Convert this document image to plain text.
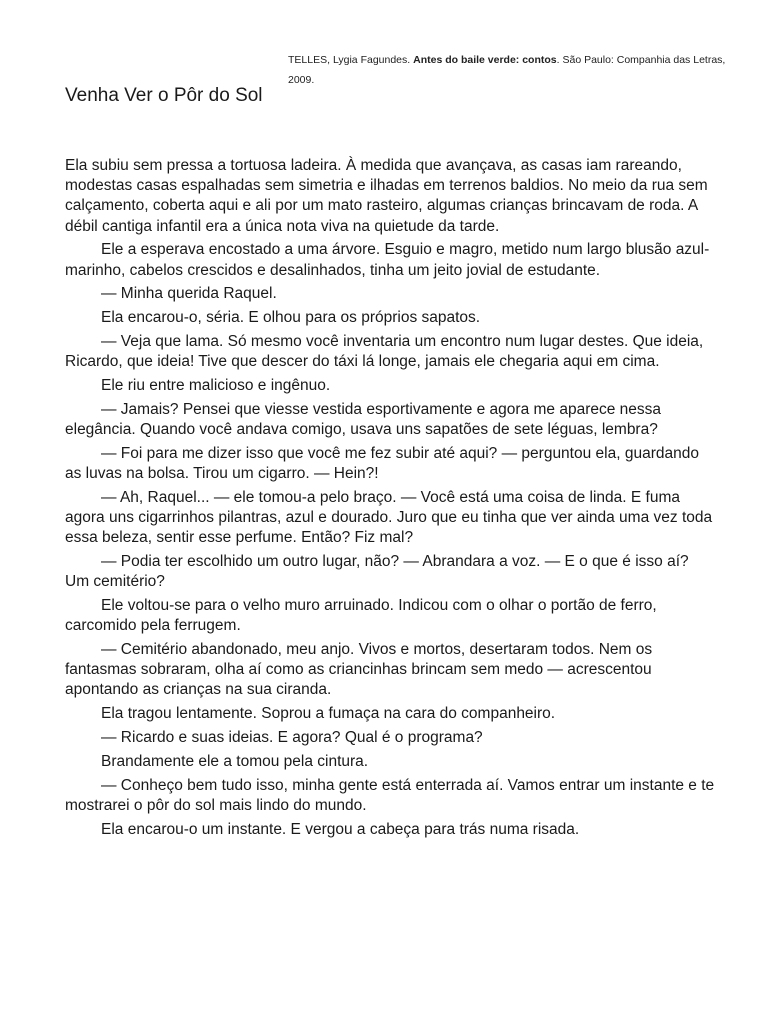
TELLES, Lygia Fagundes. Antes do baile verde: contos. São Paulo: Companhia das Letras, 2009.

Venha Ver o Pôr do Sol

Ela subiu sem pressa a tortuosa ladeira. À medida que avançava, as casas iam rareando, modestas casas espalhadas sem simetria e ilhadas em terrenos baldios. No meio da rua sem calçamento, coberta aqui e ali por um mato rasteiro, algumas crianças brincavam de roda. A débil cantiga infantil era a única nota viva na quietude da tarde.

Ele a esperava encostado a uma árvore. Esguio e magro, metido num largo blusão azul-marinho, cabelos crescidos e desalinhados, tinha um jeito jovial de estudante.

— Minha querida Raquel.

Ela encarou-o, séria. E olhou para os próprios sapatos.

— Veja que lama. Só mesmo você inventaria um encontro num lugar destes. Que ideia, Ricardo, que ideia! Tive que descer do táxi lá longe, jamais ele chegaria aqui em cima.

Ele riu entre malicioso e ingênuo.

— Jamais? Pensei que viesse vestida esportivamente e agora me aparece nessa elegância. Quando você andava comigo, usava uns sapatões de sete léguas, lembra?

— Foi para me dizer isso que você me fez subir até aqui? — perguntou ela, guardando as luvas na bolsa. Tirou um cigarro. — Hein?!

— Ah, Raquel... — ele tomou-a pelo braço. — Você está uma coisa de linda. E fuma agora uns cigarrinhos pilantras, azul e dourado. Juro que eu tinha que ver ainda uma vez toda essa beleza, sentir esse perfume. Então? Fiz mal?

— Podia ter escolhido um outro lugar, não? — Abrandara a voz. — E o que é isso aí? Um cemitério?

Ele voltou-se para o velho muro arruinado. Indicou com o olhar o portão de ferro, carcomido pela ferrugem.

— Cemitério abandonado, meu anjo. Vivos e mortos, desertaram todos. Nem os fantasmas sobraram, olha aí como as criancinhas brincam sem medo — acrescentou apontando as crianças na sua ciranda.

Ela tragou lentamente. Soprou a fumaça na cara do companheiro.

— Ricardo e suas ideias. E agora? Qual é o programa?

Brandamente ele a tomou pela cintura.

— Conheço bem tudo isso, minha gente está enterrada aí. Vamos entrar um instante e te mostrarei o pôr do sol mais lindo do mundo.

Ela encarou-o um instante. E vergou a cabeça para trás numa risada.
